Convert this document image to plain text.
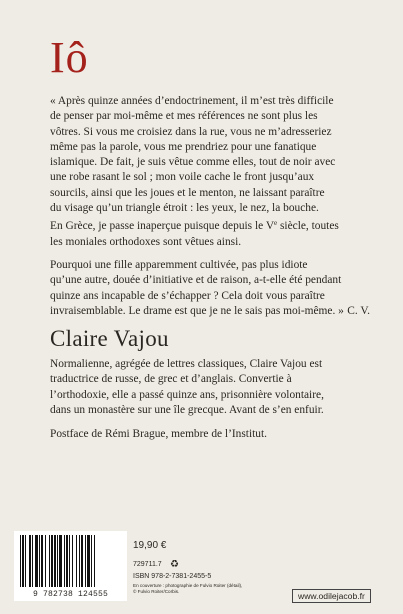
Iô

« Après quinze années d’endoctrinement, il m’est très difficile
de penser par moi-même et mes références ne sont plus les
vôtres. Si vous me croisiez dans la rue, vous ne m’adresseriez
même pas la parole, vous me prendriez pour une fanatique
islamique. De fait, je suis vêtue comme elles, tout de noir avec
une robe rasant le sol ; mon voile cache le front jusqu’aux
sourcils, ainsi que les joues et le menton, ne laissant paraître
du visage qu’un triangle étroit : les yeux, le nez, la bouche.
En Grèce, je passe inaperçue puisque depuis le Ve siècle, toutes
les moniales orthodoxes sont vêtues ainsi.

Pourquoi une fille apparemment cultivée, pas plus idiote
qu’une autre, douée d’initiative et de raison, a-t-elle été pendant
quinze ans incapable de s’échapper ? Cela doit vous paraître
invraisemblable. Le drame est que je ne le sais pas moi-même. » C. V.
Claire Vajou

Normalienne, agrégée de lettres classiques, Claire Vajou est
traductrice de russe, de grec et d’anglais. Convertie à
l’orthodoxie, elle a passé quinze ans, prisonnière volontaire,
dans un monastère sur une île grecque. Avant de s’en enfuir.

Postface de Rémi Brague, membre de l’Institut.
9 782738 124555
19,90 €
♻
729711.7
ISBN 978-2-7381-2455-5
En couverture : photographie de Fulvio Roiter (détail),
© Fulvio Roiter/Corbis.	www.odilejacob.fr
